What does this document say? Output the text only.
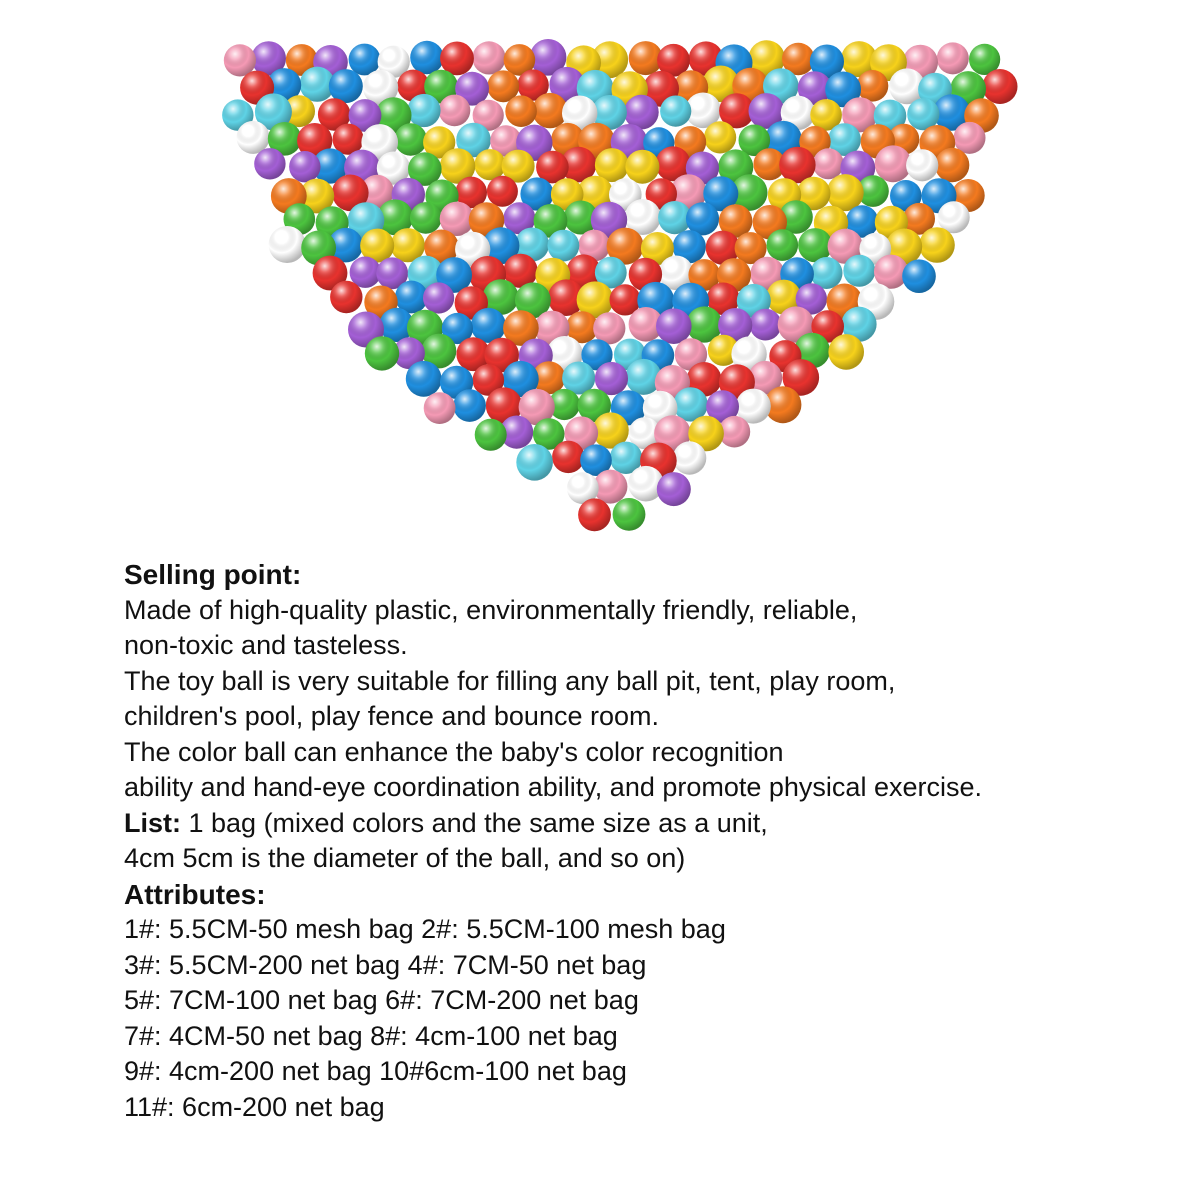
Selling point:

Made of high-quality plastic, environmentally friendly, reliable,

non-toxic and tasteless.

The toy ball is very suitable for filling any ball pit, tent, play room,

children's pool, play fence and bounce room.

The color ball can enhance the baby's color recognition

ability and hand-eye coordination ability, and promote physical exercise.

List: 1 bag (mixed colors and the same size as a unit,

4cm 5cm is the diameter of the ball, and so on)

Attributes:

1#: 5.5CM-50 mesh bag 2#: 5.5CM-100 mesh bag

3#: 5.5CM-200 net bag 4#: 7CM-50 net bag

5#: 7CM-100 net bag 6#: 7CM-200 net bag

7#: 4CM-50 net bag 8#: 4cm-100 net bag

9#: 4cm-200 net bag 10#6cm-100 net bag

11#: 6cm-200 net bag
